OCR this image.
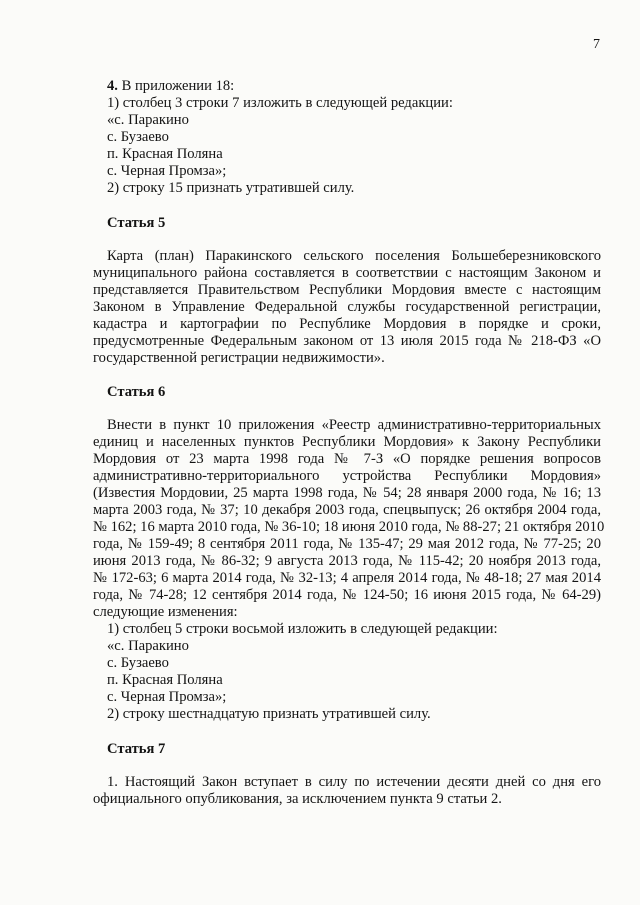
7
4. В приложении 18:
1) столбец 3 строки 7 изложить в следующей редакции:
«с. Паракино
с. Бузаево
п. Красная Поляна
с. Черная Промза»;
2) строку 15 признать утратившей силу.
Статья 5
Карта (план) Паракинского сельского поселения Большеберезниковского
муниципального района составляется в соответствии с настоящим Законом и
представляется Правительством Республики Мордовия вместе с настоящим
Законом в Управление Федеральной службы государственной регистрации,
кадастра и картографии по Республике Мордовия в порядке и сроки,
предусмотренные Федеральным законом от 13 июля 2015 года № 218-ФЗ «О
государственной регистрации недвижимости».
Статья 6
Внести в пункт 10 приложения «Реестр административно-территориальных
единиц и населенных пунктов Республики Мордовия» к Закону Республики
Мордовия от 23 марта 1998 года № 7-З «О порядке решения вопросов
административно-территориального устройства Республики Мордовия»
(Известия Мордовии, 25 марта 1998 года, № 54; 28 января 2000 года, № 16; 13
марта 2003 года, № 37; 10 декабря 2003 года, спецвыпуск; 26 октября 2004 года,
№ 162; 16 марта 2010 года, № 36-10; 18 июня 2010 года, № 88-27; 21 октября 2010
года, № 159-49; 8 сентября 2011 года, № 135-47; 29 мая 2012 года, № 77-25; 20
июня 2013 года, № 86-32; 9 августа 2013 года, № 115-42; 20 ноября 2013 года,
№ 172-63; 6 марта 2014 года, № 32-13; 4 апреля 2014 года, № 48-18; 27 мая 2014
года, № 74-28; 12 сентября 2014 года, № 124-50; 16 июня 2015 года, № 64-29)
следующие изменения:
1) столбец 5 строки восьмой изложить в следующей редакции:
«с. Паракино
с. Бузаево
п. Красная Поляна
с. Черная Промза»;
2) строку шестнадцатую признать утратившей силу.
Статья 7
1. Настоящий Закон вступает в силу по истечении десяти дней со дня его
официального опубликования, за исключением пункта 9 статьи 2.
